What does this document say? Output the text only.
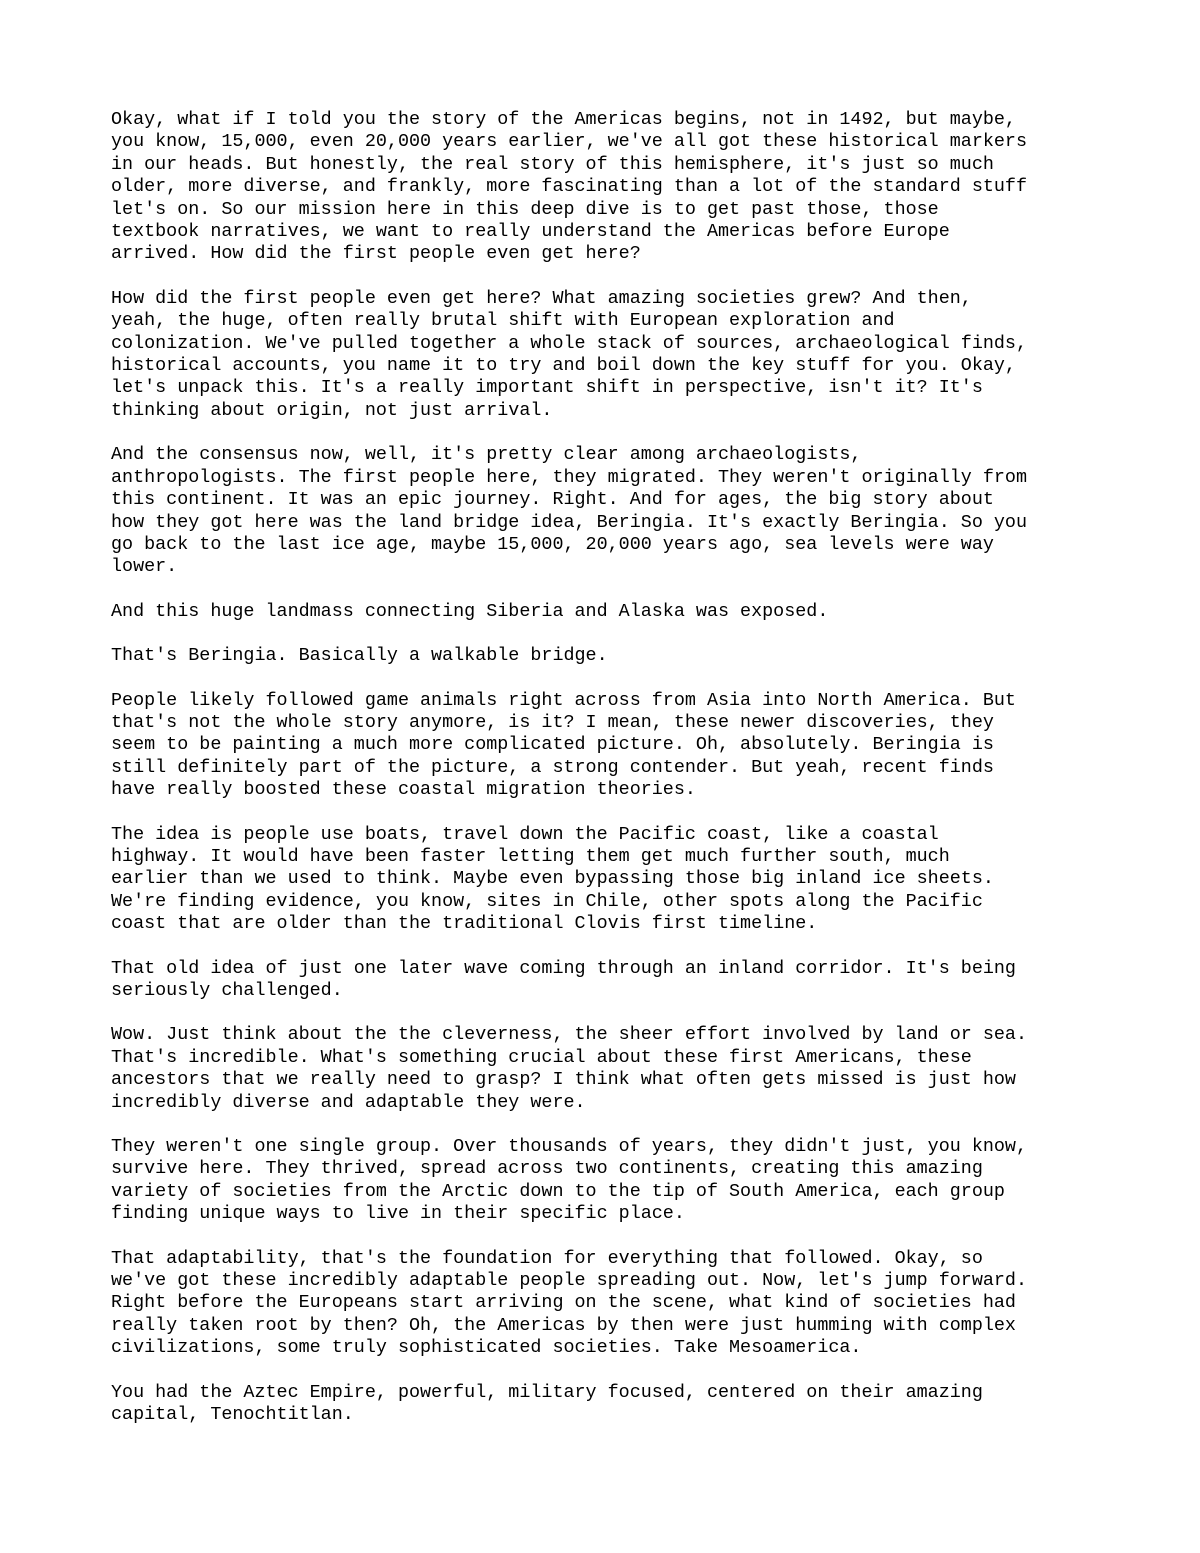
Okay, what if I told you the story of the Americas begins, not in 1492, but maybe,
you know, 15,000, even 20,000 years earlier, we've all got these historical markers
in our heads. But honestly, the real story of this hemisphere, it's just so much
older, more diverse, and frankly, more fascinating than a lot of the standard stuff
let's on. So our mission here in this deep dive is to get past those, those
textbook narratives, we want to really understand the Americas before Europe
arrived. How did the first people even get here?

How did the first people even get here? What amazing societies grew? And then,
yeah, the huge, often really brutal shift with European exploration and
colonization. We've pulled together a whole stack of sources, archaeological finds,
historical accounts, you name it to try and boil down the key stuff for you. Okay,
let's unpack this. It's a really important shift in perspective, isn't it? It's
thinking about origin, not just arrival.

And the consensus now, well, it's pretty clear among archaeologists,
anthropologists. The first people here, they migrated. They weren't originally from
this continent. It was an epic journey. Right. And for ages, the big story about
how they got here was the land bridge idea, Beringia. It's exactly Beringia. So you
go back to the last ice age, maybe 15,000, 20,000 years ago, sea levels were way
lower.

And this huge landmass connecting Siberia and Alaska was exposed.

That's Beringia. Basically a walkable bridge.

People likely followed game animals right across from Asia into North America. But
that's not the whole story anymore, is it? I mean, these newer discoveries, they
seem to be painting a much more complicated picture. Oh, absolutely. Beringia is
still definitely part of the picture, a strong contender. But yeah, recent finds
have really boosted these coastal migration theories.

The idea is people use boats, travel down the Pacific coast, like a coastal
highway. It would have been faster letting them get much further south, much
earlier than we used to think. Maybe even bypassing those big inland ice sheets.
We're finding evidence, you know, sites in Chile, other spots along the Pacific
coast that are older than the traditional Clovis first timeline.

That old idea of just one later wave coming through an inland corridor. It's being
seriously challenged.

Wow. Just think about the the cleverness, the sheer effort involved by land or sea.
That's incredible. What's something crucial about these first Americans, these
ancestors that we really need to grasp? I think what often gets missed is just how
incredibly diverse and adaptable they were.

They weren't one single group. Over thousands of years, they didn't just, you know,
survive here. They thrived, spread across two continents, creating this amazing
variety of societies from the Arctic down to the tip of South America, each group
finding unique ways to live in their specific place.

That adaptability, that's the foundation for everything that followed. Okay, so
we've got these incredibly adaptable people spreading out. Now, let's jump forward.
Right before the Europeans start arriving on the scene, what kind of societies had
really taken root by then? Oh, the Americas by then were just humming with complex
civilizations, some truly sophisticated societies. Take Mesoamerica.

You had the Aztec Empire, powerful, military focused, centered on their amazing
capital, Tenochtitlan.
